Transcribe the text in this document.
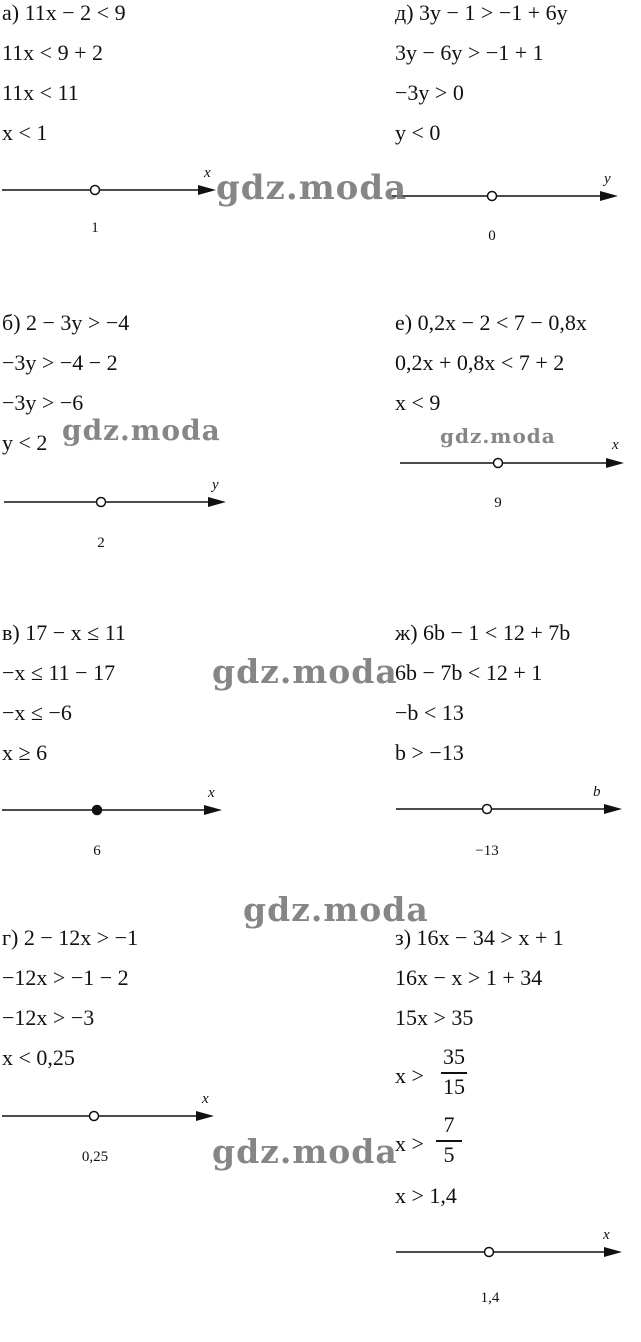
а) 11x − 2 < 9
11x < 9 + 2
11x < 11
x < 1
x
1
д) 3y − 1 > −1 + 6y
3y − 6y > −1 + 1
−3y > 0
y < 0
y
0
б) 2 − 3y > −4
−3y > −4 − 2
−3y > −6
y < 2
y
2
е) 0,2x − 2 < 7 − 0,8x
0,2x + 0,8x < 7 + 2
x < 9
x
9
в) 17 − x ≤ 11
−x ≤ 11 − 17
−x ≤ −6
x ≥ 6
x
6
ж) 6b − 1 < 12 + 7b
6b − 7b < 12 + 1
−b < 13
b > −13
b
−13
г) 2 − 12x > −1
−12x > −1 − 2
−12x > −3
x < 0,25
x
0,25
з) 16x − 34 > x + 1
16x − x > 1 + 34
15x > 35
x >
35
15
x >
7
5
x > 1,4
x
1,4
gdz.moda
gdz.moda	gdz.moda
gdz.moda
gdz.moda
gdz.moda
